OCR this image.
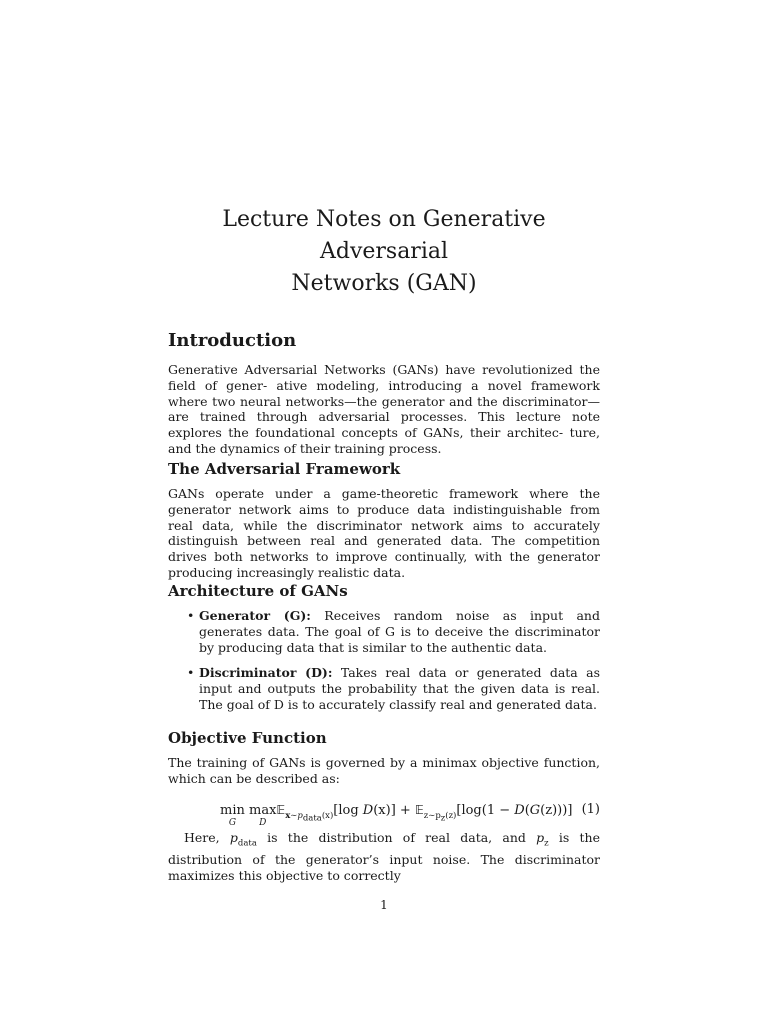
Lecture Notes on Generative Adversarial
Networks (GAN)
Introduction

Generative Adversarial Networks (GANs) have revolutionized the field of gener- ative modeling, introducing a novel framework where two neural networks—the generator and the discriminator—are trained through adversarial processes. This lecture note explores the foundational concepts of GANs, their architec- ture, and the dynamics of their training process.

The Adversarial Framework

GANs operate under a game-theoretic framework where the generator network aims to produce data indistinguishable from real data, while the discriminator network aims to accurately distinguish between real and generated data. The competition drives both networks to improve continually, with the generator producing increasingly realistic data.

Architecture of GANs
• Generator (G): Receives random noise as input and generates data. The goal of G is to deceive the discriminator by producing data that is similar to the authentic data.
• Discriminator (D): Takes real data or generated data as input and outputs the probability that the given data is real. The goal of D is to accurately classify real and generated data.
Objective Function

The training of GANs is governed by a minimax objective function, which can be described as:

min
G
max
D
𝔼$_{x\sim p_{data}(x)}$[log D(x)] + 𝔼$_{z\sim p_z(z)}$[log(1 − D(G(z)))] (1)

Here, $p_{data}$ is the distribution of real data, and $p_z$ is the distribution of the generator’s input noise. The discriminator maximizes this objective to correctly

1
